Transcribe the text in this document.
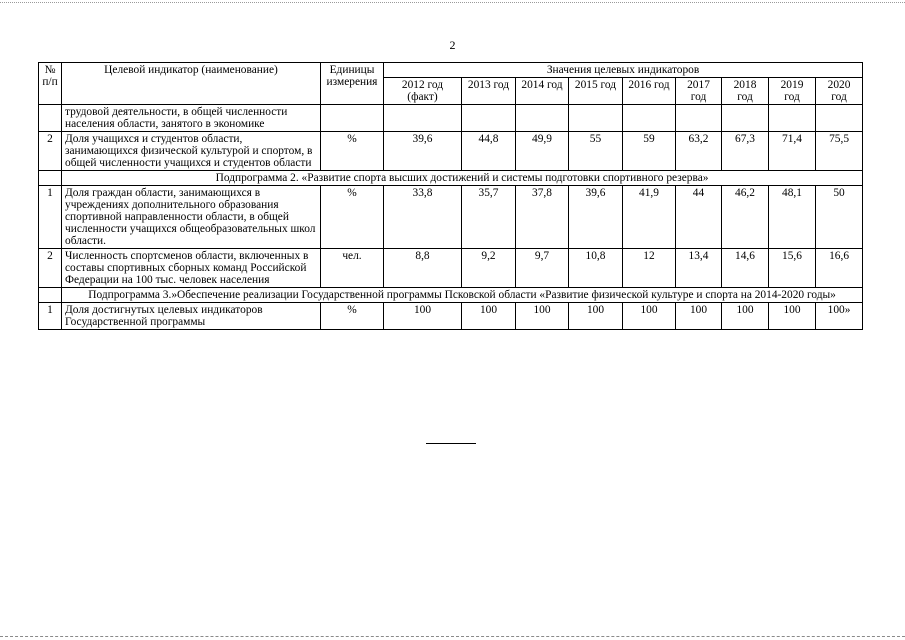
2
№ п/п	Целевой индикатор (наименование)	Единицы измерения	Значения целевых индикаторов								
			2012 год (факт)	2013 год	2014 год	2015 год	2016 год	2017 год	2018 год	2019 год	2020 год
	трудовой деятельности, в общей численности населения области, занятого в экономике										
2	Доля учащихся и студентов области, занимающихся физической культурой и спортом, в общей численности учащихся и студентов области	%	39,6	44,8	49,9	55	59	63,2	67,3	71,4	75,5
	Подпрограмма 2. «Развитие спорта высших достижений и системы подготовки спортивного резерва»										
1	Доля граждан области, занимающихся в учреждениях дополнительного образования спортивной направленности области, в общей численности учащихся общеобразовательных школ области.	%	33,8	35,7	37,8	39,6	41,9	44	46,2	48,1	50
2	Численность спортсменов области, включенных в составы спортивных сборных команд Российской Федерации на 100 тыс. человек населения	чел.	8,8	9,2	9,7	10,8	12	13,4	14,6	15,6	16,6
	Подпрограмма 3.»Обеспечение реализации Государственной программы Псковской области «Развитие физической культуре и спорта на 2014-2020 годы»										
1	Доля достигнутых целевых индикаторов Государственной программы	%	100	100	100	100	100	100	100	100	100»
